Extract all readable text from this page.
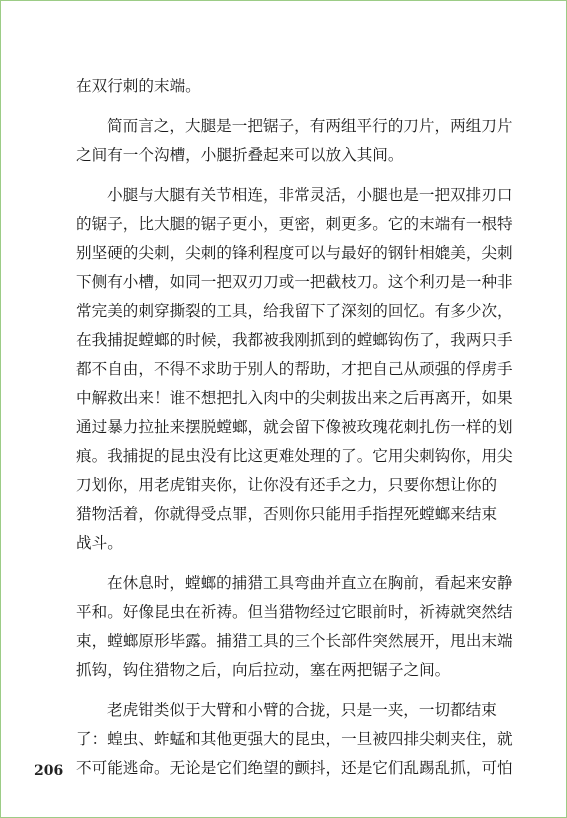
在双行刺的末端。
简而言之，大腿是一把锯子，有两组平行的刀片，两组刀片
之间有一个沟槽，小腿折叠起来可以放入其间。
小腿与大腿有关节相连，非常灵活，小腿也是一把双排刃口
的锯子，比大腿的锯子更小，更密，刺更多。它的末端有一根特
别坚硬的尖刺，尖刺的锋利程度可以与最好的钢针相媲美，尖刺
下侧有小槽，如同一把双刃刀或一把截枝刀。这个利刃是一种非
常完美的刺穿撕裂的工具，给我留下了深刻的回忆。有多少次，
在我捕捉螳螂的时候，我都被我刚抓到的螳螂钩伤了，我两只手
都不自由，不得不求助于别人的帮助，才把自己从顽强的俘虏手
中解救出来！谁不想把扎入肉中的尖刺拔出来之后再离开，如果
通过暴力拉扯来摆脱螳螂，就会留下像被玫瑰花刺扎伤一样的划
痕。我捕捉的昆虫没有比这更难处理的了。它用尖刺钩你，用尖
刀划你，用老虎钳夹你，让你没有还手之力，只要你想让你的
猎物活着，你就得受点罪，否则你只能用手指捏死螳螂来结束
战斗。
在休息时，螳螂的捕猎工具弯曲并直立在胸前，看起来安静
平和。好像昆虫在祈祷。但当猎物经过它眼前时，祈祷就突然结
束，螳螂原形毕露。捕猎工具的三个长部件突然展开，甩出末端
抓钩，钩住猎物之后，向后拉动，塞在两把锯子之间。
老虎钳类似于大臂和小臂的合拢，只是一夹，一切都结束
了：蝗虫、蚱蜢和其他更强大的昆虫，一旦被四排尖刺夹住，就
不可能逃命。无论是它们绝望的颤抖，还是它们乱踢乱抓，可怕
206
